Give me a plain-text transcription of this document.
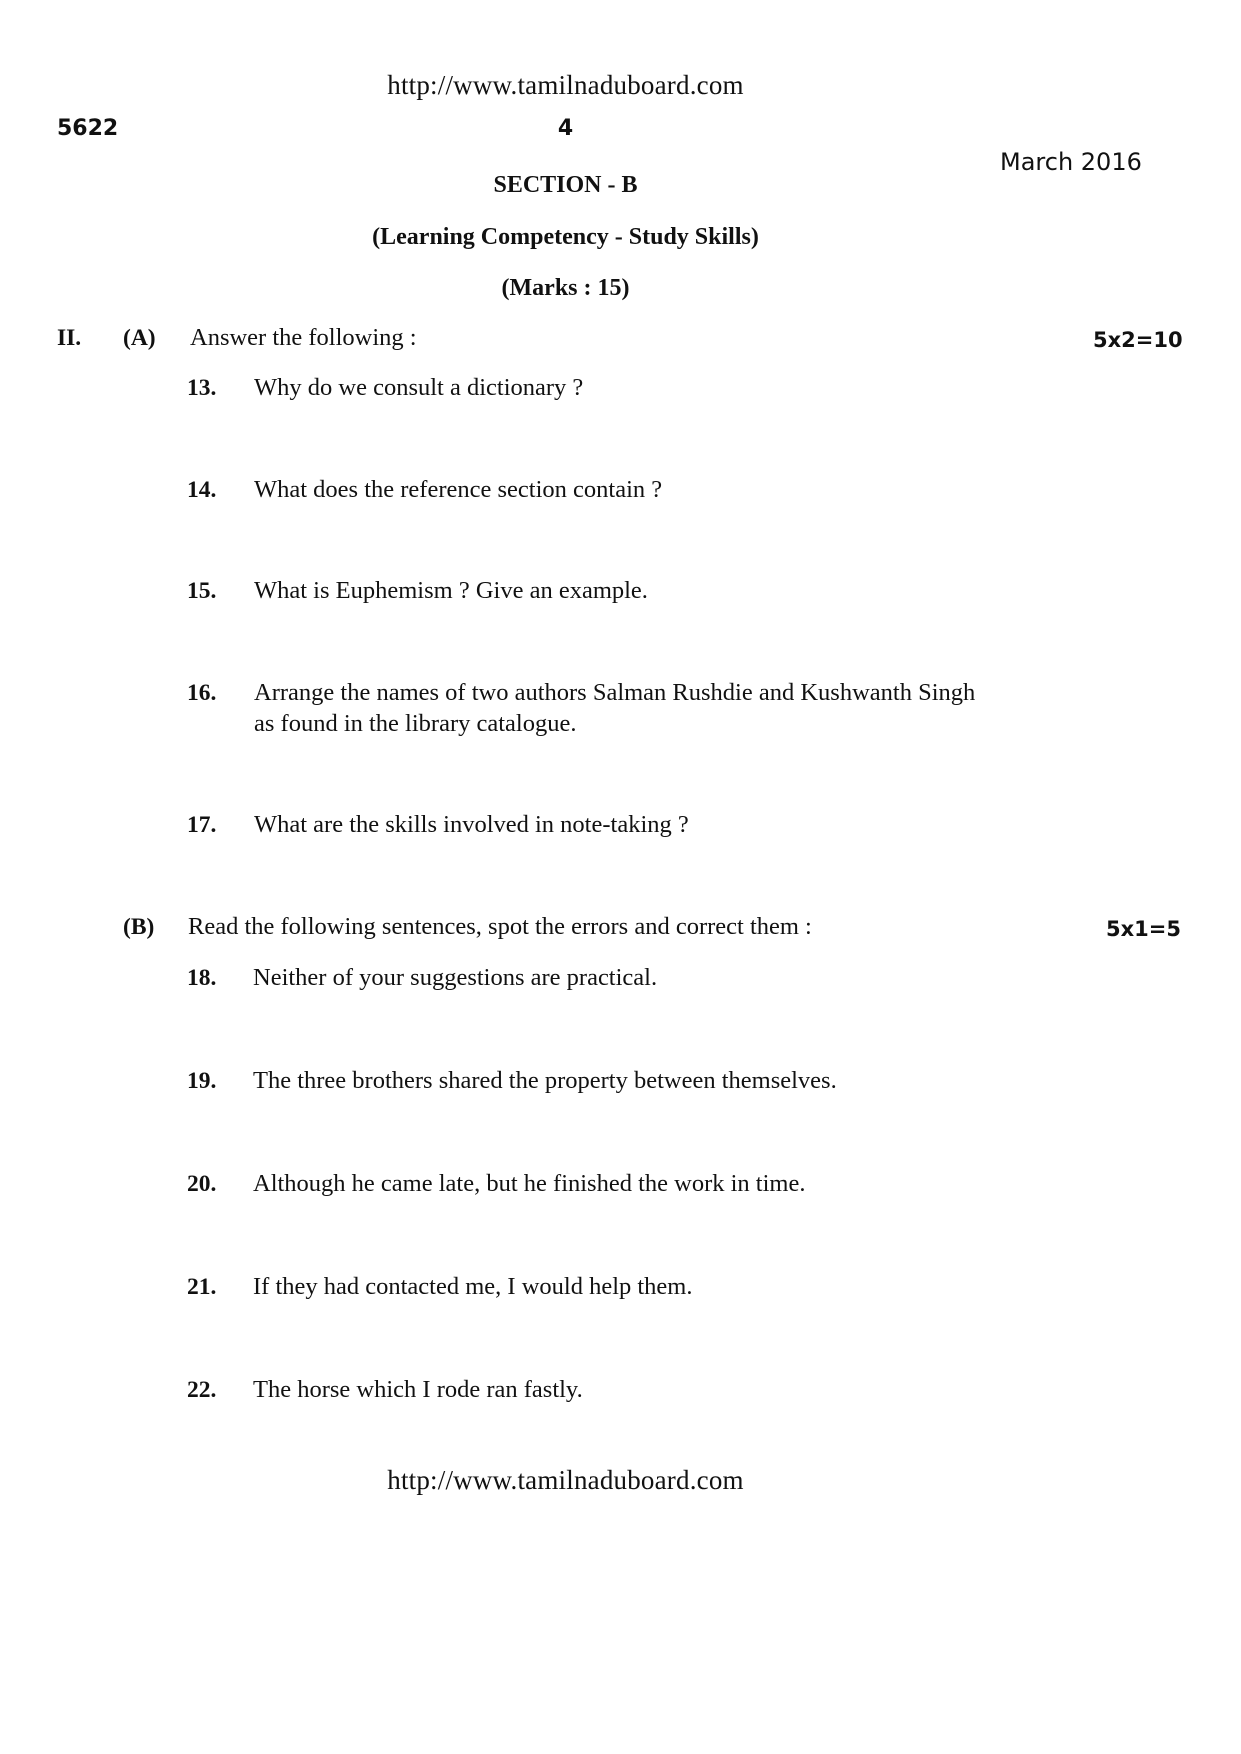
http://www.tamilnaduboard.com
5622	4
March 2016
SECTION - B
(Learning Competency - Study Skills)
(Marks : 15)
II. (A) Answer the following :	5x2=10
13. Why do we consult a dictionary ?
14. What does the reference section contain ?
15. What is Euphemism ? Give an example.
16. Arrange the names of two authors Salman Rushdie and Kushwanth Singh
as found in the library catalogue.
17. What are the skills involved in note-taking ?
(B) Read the following sentences, spot the errors and correct them :	5x1=5
18. Neither of your suggestions are practical.
19. The three brothers shared the property between themselves.
20. Although he came late, but he finished the work in time.
21. If they had contacted me, I would help them.
22. The horse which I rode ran fastly.
http://www.tamilnaduboard.com
